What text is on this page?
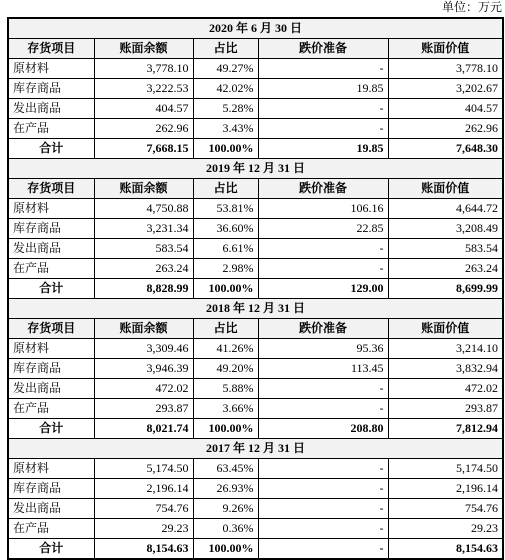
单位：万元
2020 年 6 月 30 日				
存货项目	账面余额	占比	跌价准备	账面价值
原材料	3,778.10	49.27%	-	3,778.10
库存商品	3,222.53	42.02%	19.85	3,202.67
发出商品	404.57	5.28%	-	404.57
在产品	262.96	3.43%	-	262.96
合计	7,668.15	100.00%	19.85	7,648.30
2019 年 12 月 31 日				
存货项目	账面余额	占比	跌价准备	账面价值
原材料	4,750.88	53.81%	106.16	4,644.72
库存商品	3,231.34	36.60%	22.85	3,208.49
发出商品	583.54	6.61%	-	583.54
在产品	263.24	2.98%	-	263.24
合计	8,828.99	100.00%	129.00	8,699.99
2018 年 12 月 31 日				
存货项目	账面余额	占比	跌价准备	账面价值
原材料	3,309.46	41.26%	95.36	3,214.10
库存商品	3,946.39	49.20%	113.45	3,832.94
发出商品	472.02	5.88%	-	472.02
在产品	293.87	3.66%	-	293.87
合计	8,021.74	100.00%	208.80	7,812.94
2017 年 12 月 31 日				
原材料	5,174.50	63.45%	-	5,174.50
库存商品	2,196.14	26.93%	-	2,196.14
发出商品	754.76	9.26%	-	754.76
在产品	29.23	0.36%	-	29.23
合计	8,154.63	100.00%	-	8,154.63
